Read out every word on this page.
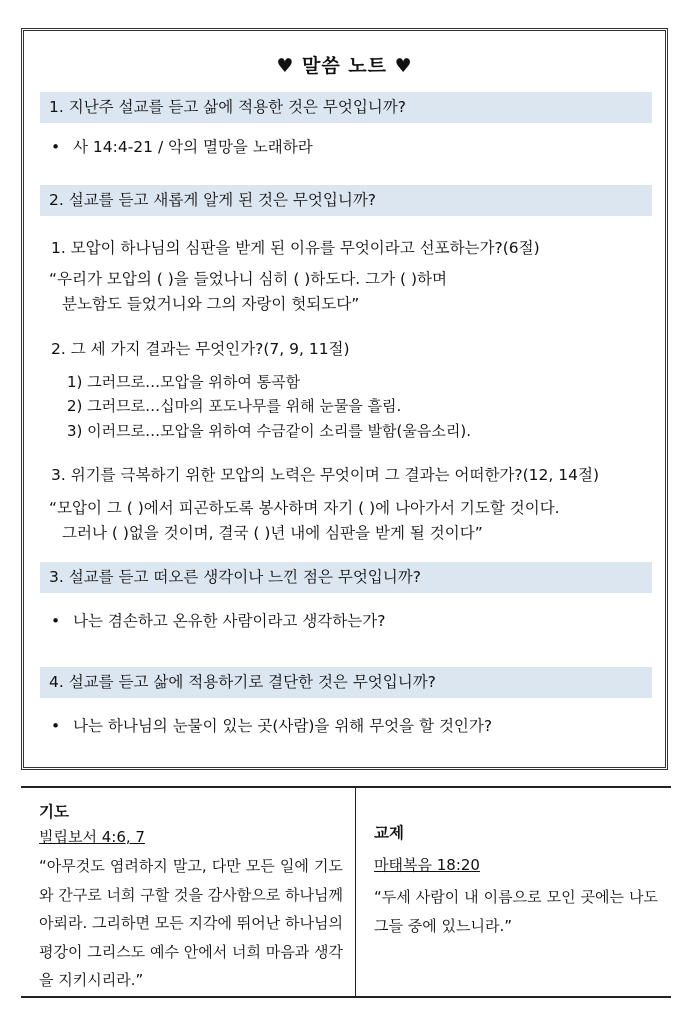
♥ 말씀 노트 ♥
1. 지난주 설교를 듣고 삶에 적용한 것은 무엇입니까?
• 사 14:4-21 / 악의 멸망을 노래하라
2. 설교를 듣고 새롭게 알게 된 것은 무엇입니까?
1. 모압이 하나님의 심판을 받게 된 이유를 무엇이라고 선포하는가?(6절)
“우리가 모압의 ( )을 들었나니 심히 ( )하도다. 그가 ( )하며
분노함도 들었거니와 그의 자랑이 헛되도다”
2. 그 세 가지 결과는 무엇인가?(7, 9, 11절)
1) 그러므로…모압을 위하여 통곡함
2) 그러므로…십마의 포도나무를 위해 눈물을 흘림.
3) 이러므로…모압을 위하여 수금같이 소리를 발함(울음소리).
3. 위기를 극복하기 위한 모압의 노력은 무엇이며 그 결과는 어떠한가?(12, 14절)
“모압이 그 ( )에서 피곤하도록 봉사하며 자기 ( )에 나아가서 기도할 것이다.
그러나 ( )없을 것이며, 결국 ( )년 내에 심판을 받게 될 것이다”
3. 설교를 듣고 떠오른 생각이나 느낀 점은 무엇입니까?
• 나는 겸손하고 온유한 사람이라고 생각하는가?
4. 설교를 듣고 삶에 적용하기로 결단한 것은 무엇입니까?
• 나는 하나님의 눈물이 있는 곳(사람)을 위해 무엇을 할 것인가?
기도
빌립보서 4:6, 7
“아무것도 염려하지 말고, 다만 모든 일에 기도와 간구로 너희 구할 것을 감사함으로 하나님께 아뢰라. 그리하면 모든 지각에 뛰어난 하나님의 평강이 그리스도 예수 안에서 너희 마음과 생각을 지키시리라.”
교제
마태복음 18:20
“두세 사람이 내 이름으로 모인 곳에는 나도 그들 중에 있느니라.”
